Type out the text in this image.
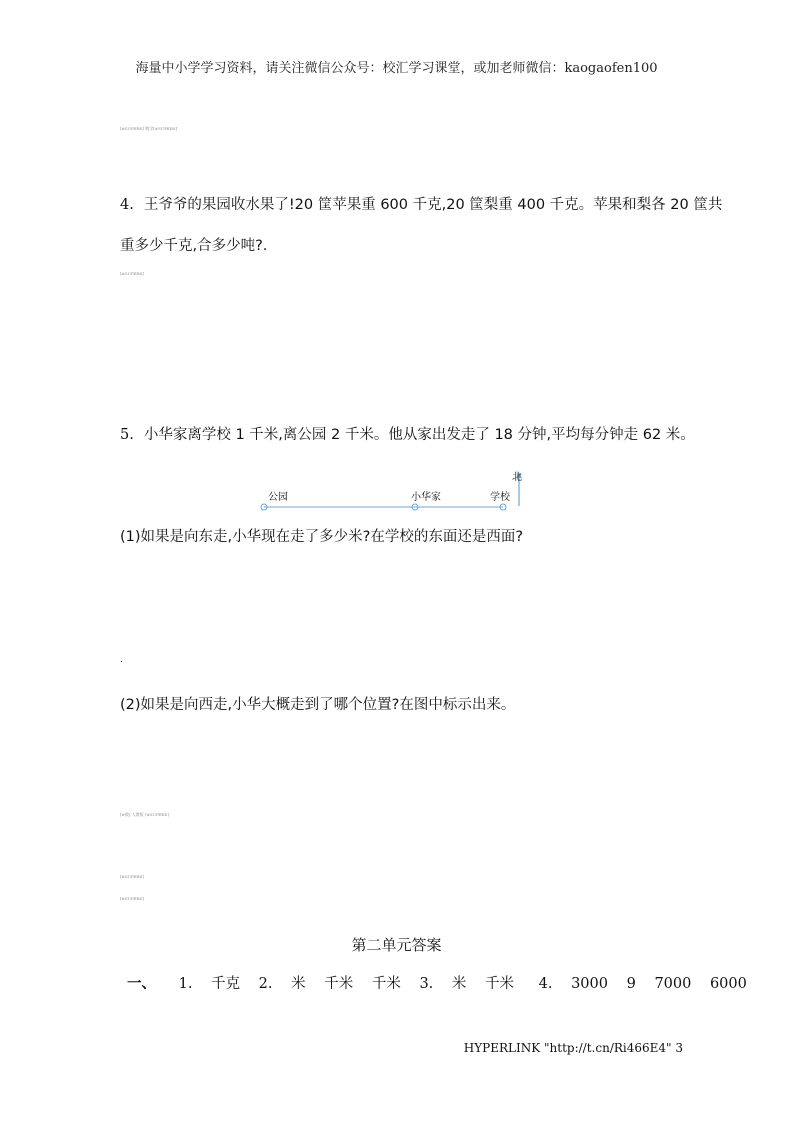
海量中小学学习资料，请关注微信公众号：校汇学习课堂，或加老师微信：kaogaofen100
[#SUPERS] 数学[#SUPERS]
4. 王爷爷的果园收水果了!20 筐苹果重 600 千克,20 筐梨重 400 千克。苹果和梨各 20 筐共
重多少千克,合多少吨?.
[#SUPERS]
5. 小华家离学校 1 千米,离公园 2 千米。他从家出发走了 18 分钟,平均每分钟走 62 米。
北
公园	小华家	学校
(1)如果是向东走,小华现在走了多少米?在学校的东面还是西面?
.
(2)如果是向西走,小华大概走到了哪个位置?在图中标示出来。
[#数] 人教版 [#SUPERS]
[#SUPERS]
[#SUPERS]
第二单元答案
一、 1. 千克 2. 米 千米 千米 3. 米 千米 4. 3000 9 7000 6000
HYPERLINK "http://t.cn/Ri466E4" 3
